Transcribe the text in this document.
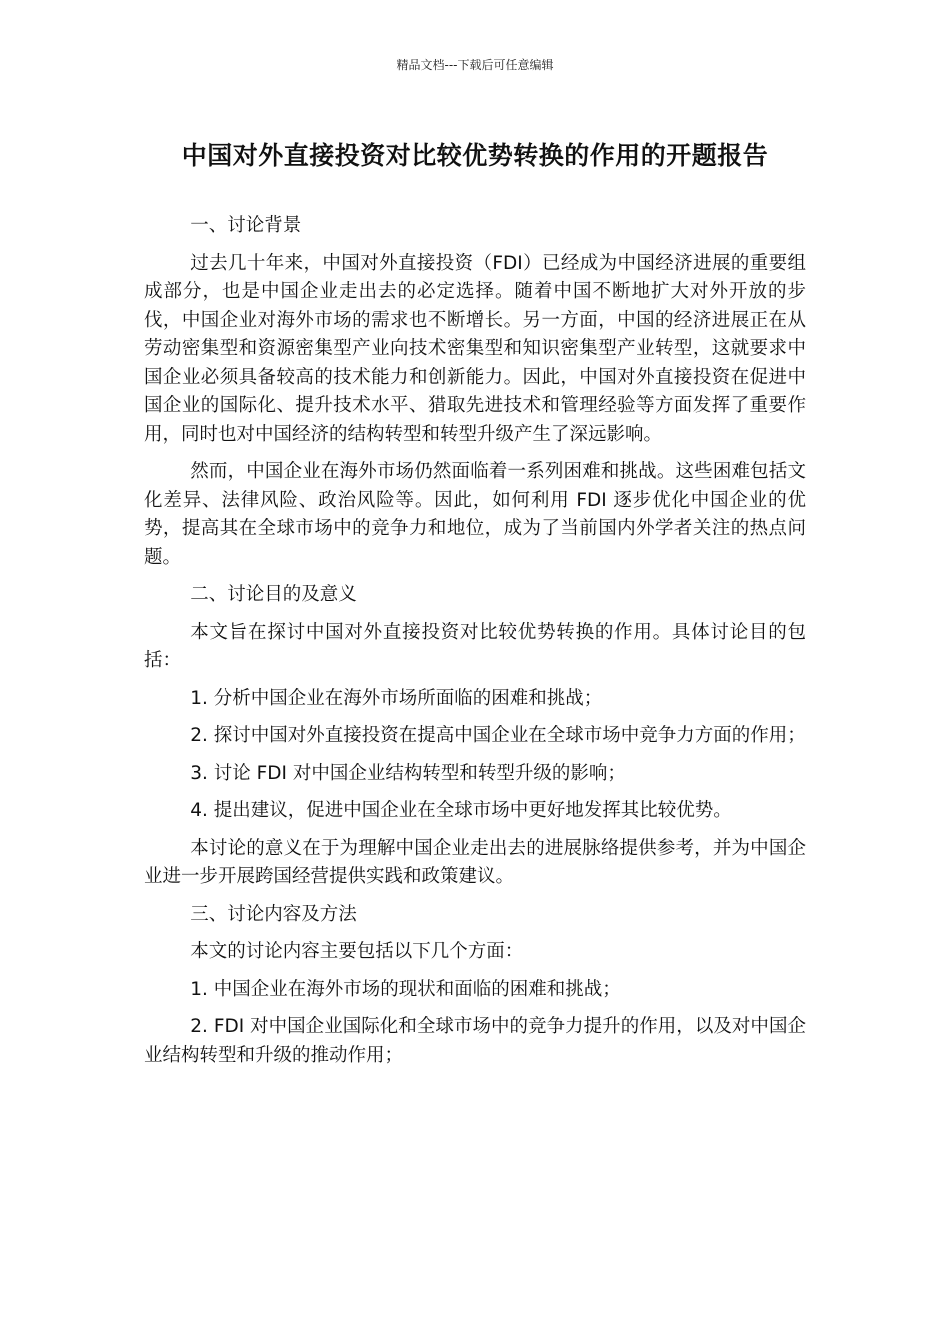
精品文档---下载后可任意编辑
中国对外直接投资对比较优势转换的作用的开题报告

一、讨论背景

过去几十年来，中国对外直接投资（FDI）已经成为中国经济进展的重要组成部分，也是中国企业走出去的必定选择。随着中国不断地扩大对外开放的步伐，中国企业对海外市场的需求也不断增长。另一方面，中国的经济进展正在从劳动密集型和资源密集型产业向技术密集型和知识密集型产业转型，这就要求中国企业必须具备较高的技术能力和创新能力。因此，中国对外直接投资在促进中国企业的国际化、提升技术水平、猎取先进技术和管理经验等方面发挥了重要作用，同时也对中国经济的结构转型和转型升级产生了深远影响。

然而，中国企业在海外市场仍然面临着一系列困难和挑战。这些困难包括文化差异、法律风险、政治风险等。因此，如何利用 FDI 逐步优化中国企业的优势，提高其在全球市场中的竞争力和地位，成为了当前国内外学者关注的热点问题。

二、讨论目的及意义

本文旨在探讨中国对外直接投资对比较优势转换的作用。具体讨论目的包括：

1. 分析中国企业在海外市场所面临的困难和挑战；

2. 探讨中国对外直接投资在提高中国企业在全球市场中竞争力方面的作用；

3. 讨论 FDI 对中国企业结构转型和转型升级的影响；

4. 提出建议，促进中国企业在全球市场中更好地发挥其比较优势。

本讨论的意义在于为理解中国企业走出去的进展脉络提供参考，并为中国企业进一步开展跨国经营提供实践和政策建议。

三、讨论内容及方法

本文的讨论内容主要包括以下几个方面：

1. 中国企业在海外市场的现状和面临的困难和挑战；

2. FDI 对中国企业国际化和全球市场中的竞争力提升的作用，以及对中国企业结构转型和升级的推动作用；
